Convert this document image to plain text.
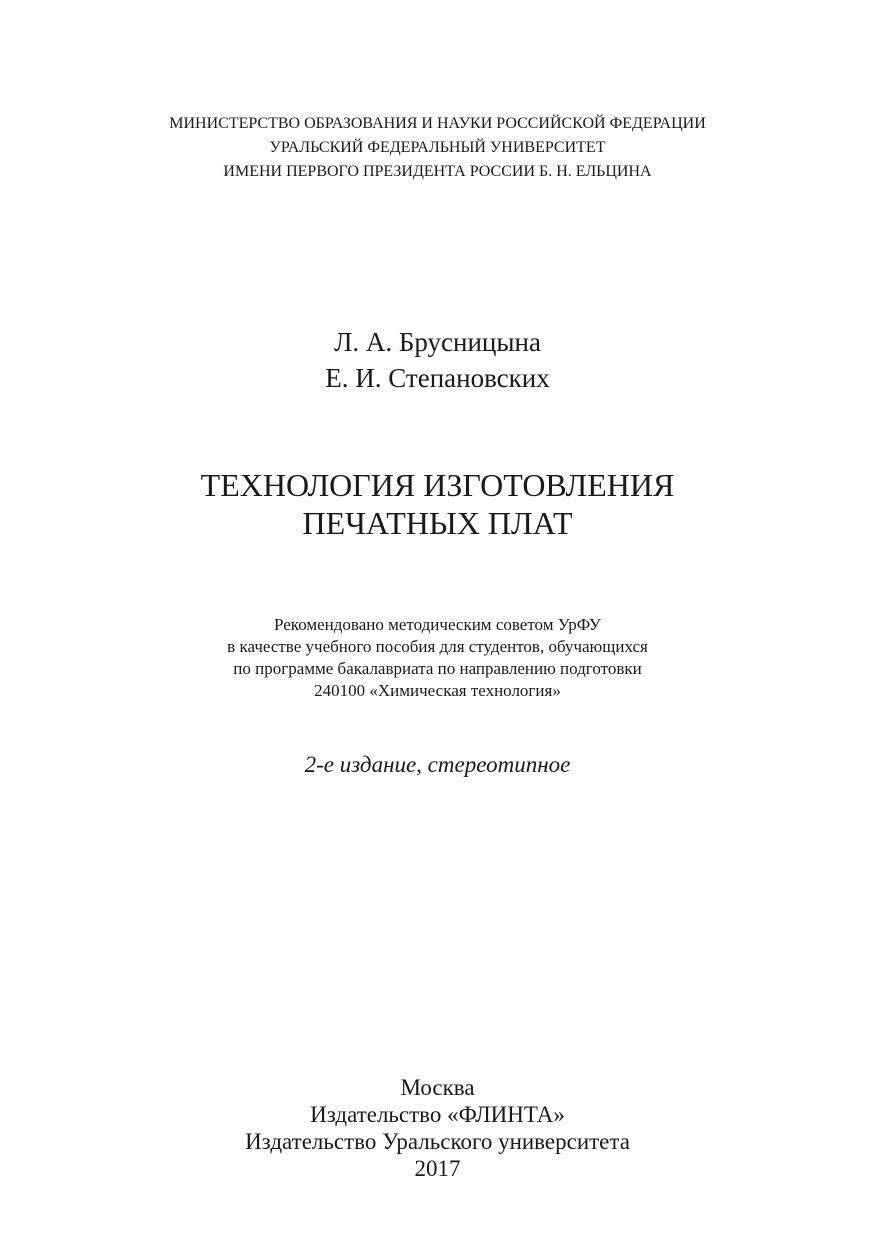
МИНИСТЕРСТВО ОБРАЗОВАНИЯ И НАУКИ РОССИЙСКОЙ ФЕДЕРАЦИИ
УРАЛЬСКИЙ ФЕДЕРАЛЬНЫЙ УНИВЕРСИТЕТ
ИМЕНИ ПЕРВОГО ПРЕЗИДЕНТА РОССИИ Б. Н. ЕЛЬЦИНА
Л. А. Брусницына
Е. И. Степановских
ТЕХНОЛОГИЯ ИЗГОТОВЛЕНИЯ
ПЕЧАТНЫХ ПЛАТ
Рекомендовано методическим советом УрФУ
в качестве учебного пособия для студентов, обучающихся
по программе бакалавриата по направлению подготовки
240100 «Химическая технология»
2-е издание, стереотипное
Москва
Издательство «ФЛИНТА»
Издательство Уральского университета
2017
